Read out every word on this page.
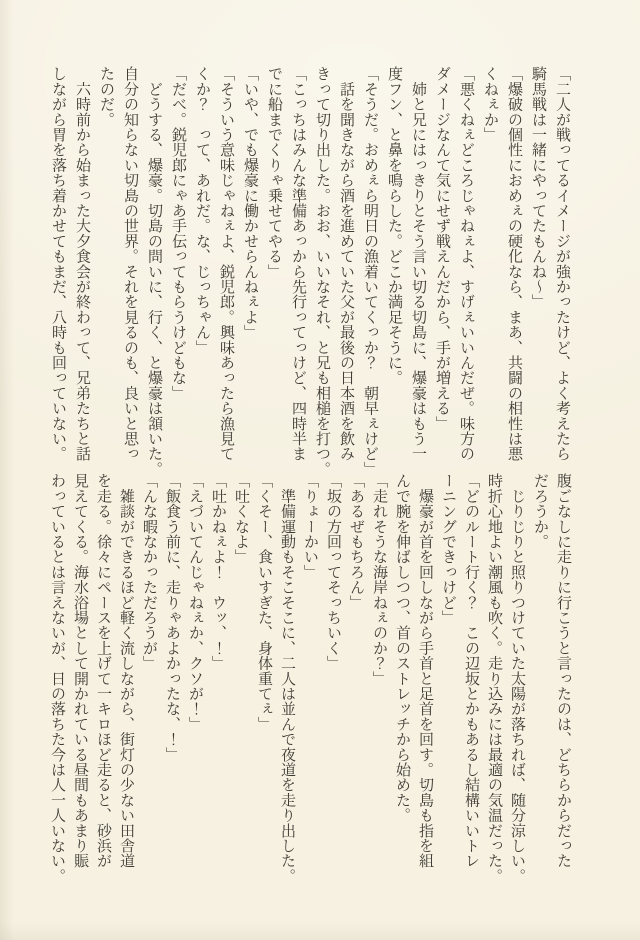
「二人が戦ってるイメージが強かったけど、よく考えたら
騎馬戦は一緒にやってたもんね〜」
「爆破の個性におめぇの硬化なら、まあ、共闘の相性は悪
くねぇか」
「悪くねぇどころじゃねぇよ、すげぇいいんだぜ。味方の
ダメージなんて気にせず戦えんだから、手が増える」
　姉と兄にはっきりとそう言い切る切島に、爆豪はもう一
度フン、と鼻を鳴らした。どこか満足そうに。
「そうだ。おめぇら明日の漁着いてくっか？　朝早ぇけど」
　話を聞きながら酒を進めていた父が最後の日本酒を飲み
きって切り出した。おお、いいなそれ、と兄も相槌を打つ。
「こっちはみんな準備あっから先行ってっけど、四時半ま
でに船までくりゃ乗せてやる」
「いや、でも爆豪に働かせらんねぇよ」
「そういう意味じゃねぇよ、鋭児郎。興味あったら漁見て
くか？　って、あれだ。な、じっちゃん」
「だべ。鋭児郎にゃあ手伝ってもらうけどもな」
　どうする、爆豪。切島の問いに、行く、と爆豪は頷いた。
自分の知らない切島の世界。それを見るのも、良いと思っ
たのだ。
　六時前から始まった大夕食会が終わって、兄弟たちと話
しながら胃を落ち着かせてもまだ、八時も回っていない。
腹ごなしに走りに行こうと言ったのは、どちらからだった
だろうか。
　じりじりと照りつけていた太陽が落ちれば、随分涼しい。
時折心地よい潮風も吹く。走り込みには最適の気温だった。
「どのルート行く？　この辺坂とかもあるし結構いいトレ
ーニングできっけど」
　爆豪が首を回しながら手首と足首を回す。切島も指を組
んで腕を伸ばしつつ、首のストレッチから始めた。
「走れそうな海岸ねぇのか？」
「あるぜもちろん」
「坂の方回ってそっちいく」
「りょーかい」
　準備運動もそこそこに、二人は並んで夜道を走り出した。
「くそー、食いすぎた、身体重てぇ」
「吐くなよ」
「吐かねぇよ！　ウッ、！」
「えづいてんじゃねぇか、クソが！」
「飯食う前に、走りゃあよかったな、！」
「んな暇なかっただろうが」
　雑談ができるほど軽く流しながら、街灯の少ない田舎道
を走る。徐々にペースを上げて一キロほど走ると、砂浜が
見えてくる。海水浴場として開かれている昼間もあまり賑
わっているとは言えないが、日の落ちた今は人一人いない。
